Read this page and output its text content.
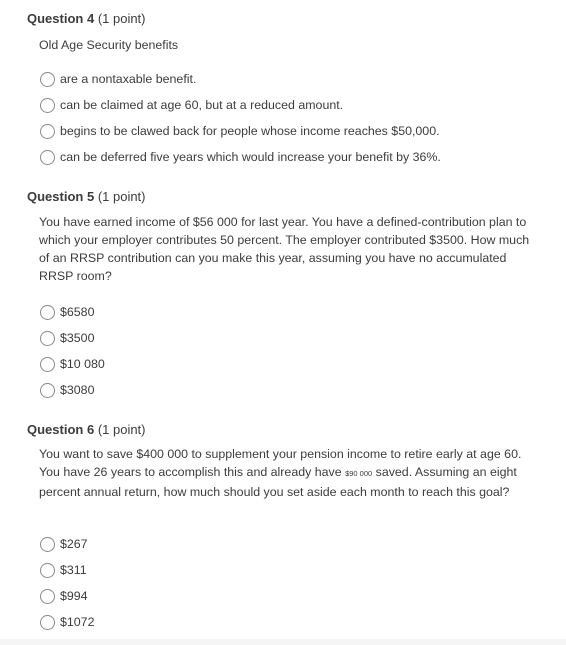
Question 4 (1 point)
Old Age Security benefits
are a nontaxable benefit.
can be claimed at age 60, but at a reduced amount.
begins to be clawed back for people whose income reaches $50,000.
can be deferred five years which would increase your benefit by 36%.
Question 5 (1 point)
You have earned income of $56 000 for last year. You have a defined-contribution plan to which your employer contributes 50 percent. The employer contributed $3500. How much of an RRSP contribution can you make this year, assuming you have no accumulated RRSP room?
$6580
$3500
$10 080
$3080
Question 6 (1 point)
You want to save $400 000 to supplement your pension income to retire early at age 60. You have 26 years to accomplish this and already have $90 000 saved. Assuming an eight percent annual return, how much should you set aside each month to reach this goal?
$267
$311
$994
$1072
